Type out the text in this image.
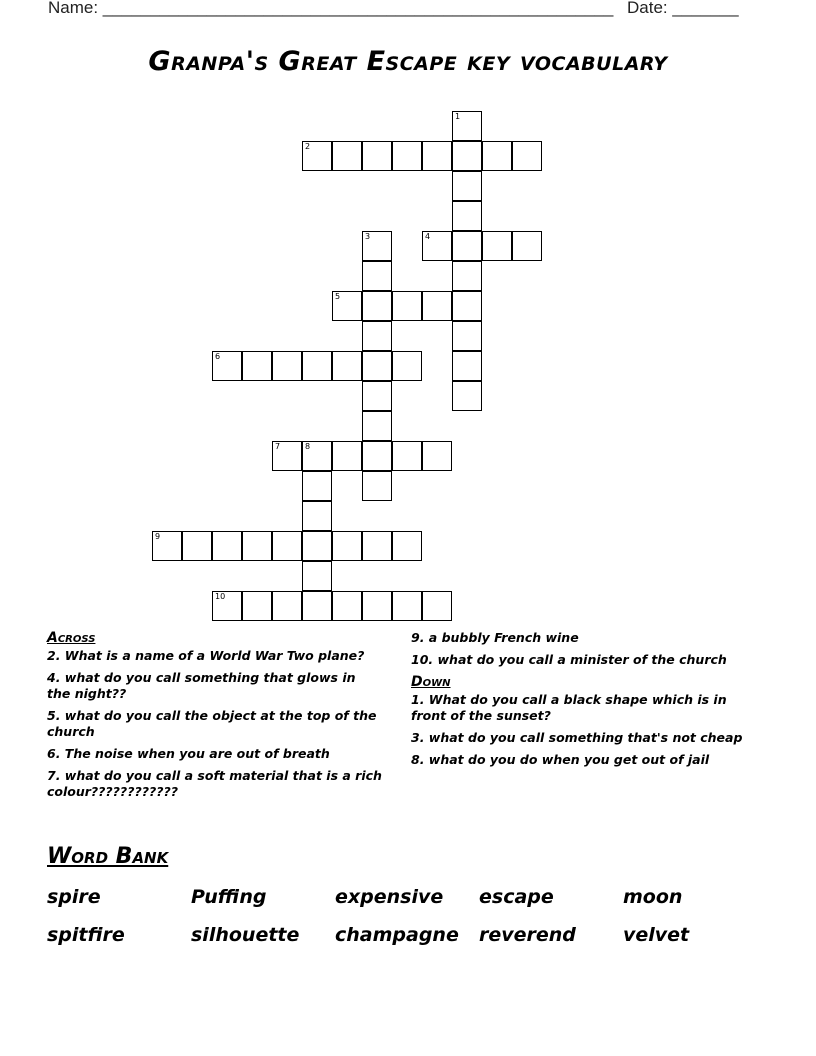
Name: ______________________________________________________ Date: _______
Granpa's Great Escape key vocabulary
1
2
3	4
5
6
7	8
9
10
Across
2. What is a name of a World War Two plane?
4. what do you call something that glows in the night??
5. what do you call the object at the top of the church
6. The noise when you are out of breath
7. what do you call a soft material that is a rich colour????????????
9. a bubbly French wine
10. what do you call a minister of the church
Down
1. What do you call a black shape which is in front of the sunset?
3. what do you call something that's not cheap
8. what do you do when you get out of jail
Word Bank
spire	Puffing	expensive escape	moon
spitfire	silhouette champagne reverend velvet
